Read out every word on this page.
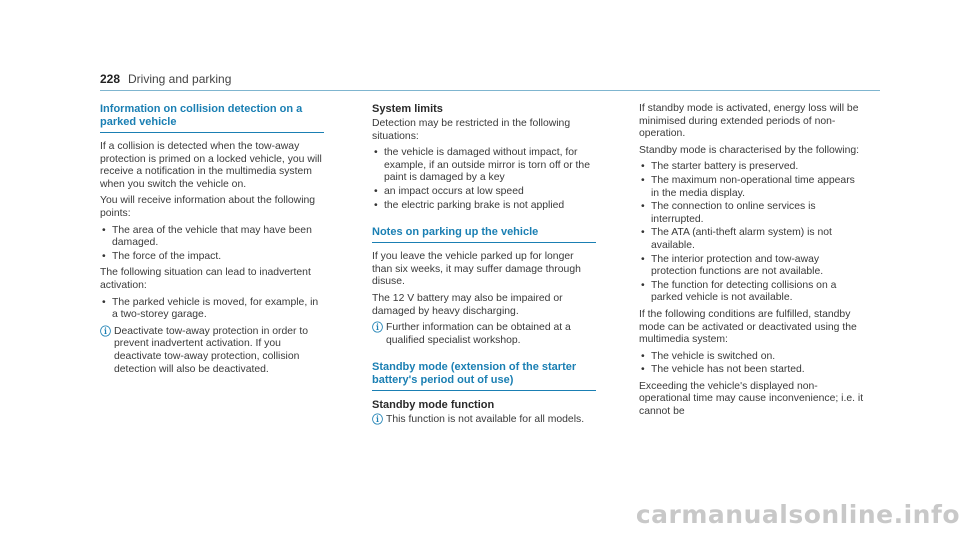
228 Driving and parking
Information on collision detection on a parked vehicle

If a collision is detected when the tow-away protection is primed on a locked vehicle, you will receive a notification in the multimedia system when you switch the vehicle on.

You will receive information about the following points:

• The area of the vehicle that may have been damaged.
• The force of the impact.

The following situation can lead to inadvertent activation:

• The parked vehicle is moved, for example, in a two-storey garage.
ⓘ Deactivate tow-away protection in order to prevent inadvertent activation. If you deactivate tow-away protection, collision detection will also be deactivated.
System limits

Detection may be restricted in the following situations:

• the vehicle is damaged without impact, for example, if an outside mirror is torn off or the paint is damaged by a key
• an impact occurs at low speed
• the electric parking brake is not applied
Notes on parking up the vehicle

If you leave the vehicle parked up for longer than six weeks, it may suffer damage through disuse.

The 12 V battery may also be impaired or damaged by heavy discharging.

ⓘ Further information can be obtained at a qualified specialist workshop.
Standby mode (extension of the starter battery's period out of use)
Standby mode function
ⓘ This function is not available for all models.

If standby mode is activated, energy loss will be minimised during extended periods of non-operation.

Standby mode is characterised by the following:

• The starter battery is preserved.
• The maximum non-operational time appears in the media display.
• The connection to online services is interrupted.
• The ATA (anti-theft alarm system) is not available.
• The interior protection and tow-away protection functions are not available.
• The function for detecting collisions on a parked vehicle is not available.

If the following conditions are fulfilled, standby mode can be activated or deactivated using the multimedia system:

• The vehicle is switched on.
• The vehicle has not been started.

Exceeding the vehicle's displayed non-operational time may cause inconvenience; i.e. it cannot be

carmanualsonline.info
